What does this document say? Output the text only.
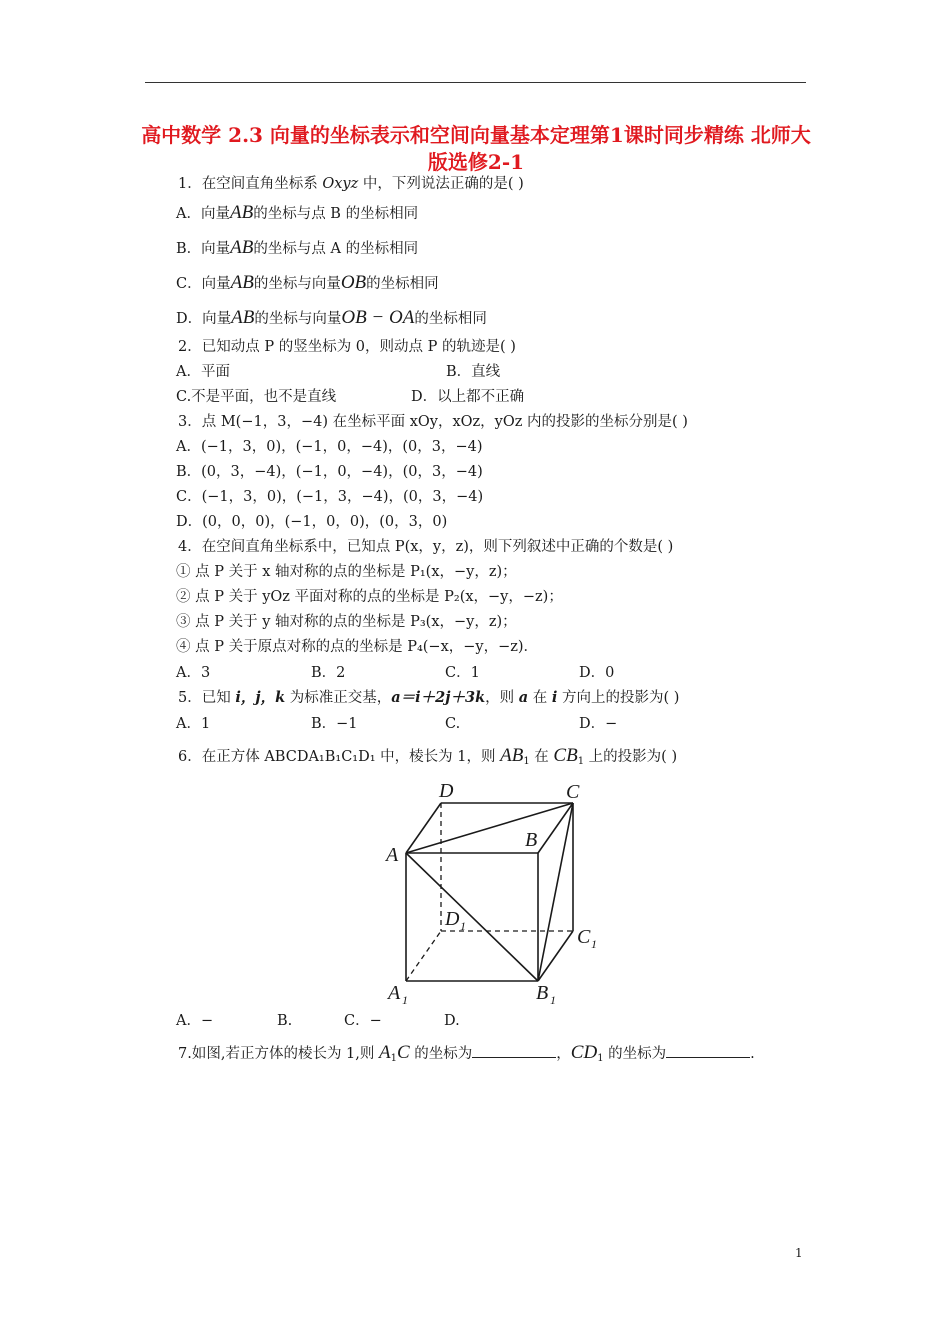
高中数学 2.3 向量的坐标表示和空间向量基本定理第1课时同步精练 北师大版选修2-1
1．在空间直角坐标系 Oxyz 中，下列说法正确的是( )
A．向量AB的坐标与点 B 的坐标相同
B．向量AB的坐标与点 A 的坐标相同
C．向量AB的坐标与向量OB的坐标相同
D．向量AB的坐标与向量OB − OA的坐标相同
2．已知动点 P 的竖坐标为 0，则动点 P 的轨迹是( )
A．平面	B．直线
C.不是平面，也不是直线	D．以上都不正确
3．点 M(−1，3，−4) 在坐标平面 xOy，xOz，yOz 内的投影的坐标分别是( )
A．(−1，3，0)，(−1，0，−4)，(0，3，−4)
B．(0，3，−4)，(−1，0，−4)，(0，3，−4)
C．(−1，3，0)，(−1，3，−4)，(0，3，−4)
D．(0，0，0)，(−1，0，0)，(0，3，0)
4．在空间直角坐标系中，已知点 P(x，y，z)，则下列叙述中正确的个数是( )
① 点 P 关于 x 轴对称的点的坐标是 P₁(x，−y，z)；
② 点 P 关于 yOz 平面对称的点的坐标是 P₂(x，−y，−z)；
③ 点 P 关于 y 轴对称的点的坐标是 P₃(x，−y，z)；
④ 点 P 关于原点对称的点的坐标是 P₄(−x，−y，−z)．
A．3	B．2	C．1	D．0
5．已知 i，j，k 为标准正交基，a＝i＋2j＋3k，则 a 在 i 方向上的投影为( )
A．1	B．−1	C.	D．−
6．在正方体 ABCDA₁B₁C₁D₁ 中，棱长为 1，则 $AB_1$ 在 $CB_1$ 上的投影为( )
D	C
A
B
D 1	C 1
A 1	B 1
A．−	B.	C．−	D.
7.如图,若正方体的棱长为 1,则 $A_1C$ 的坐标为	，$CD_1$ 的坐标为	.
1
